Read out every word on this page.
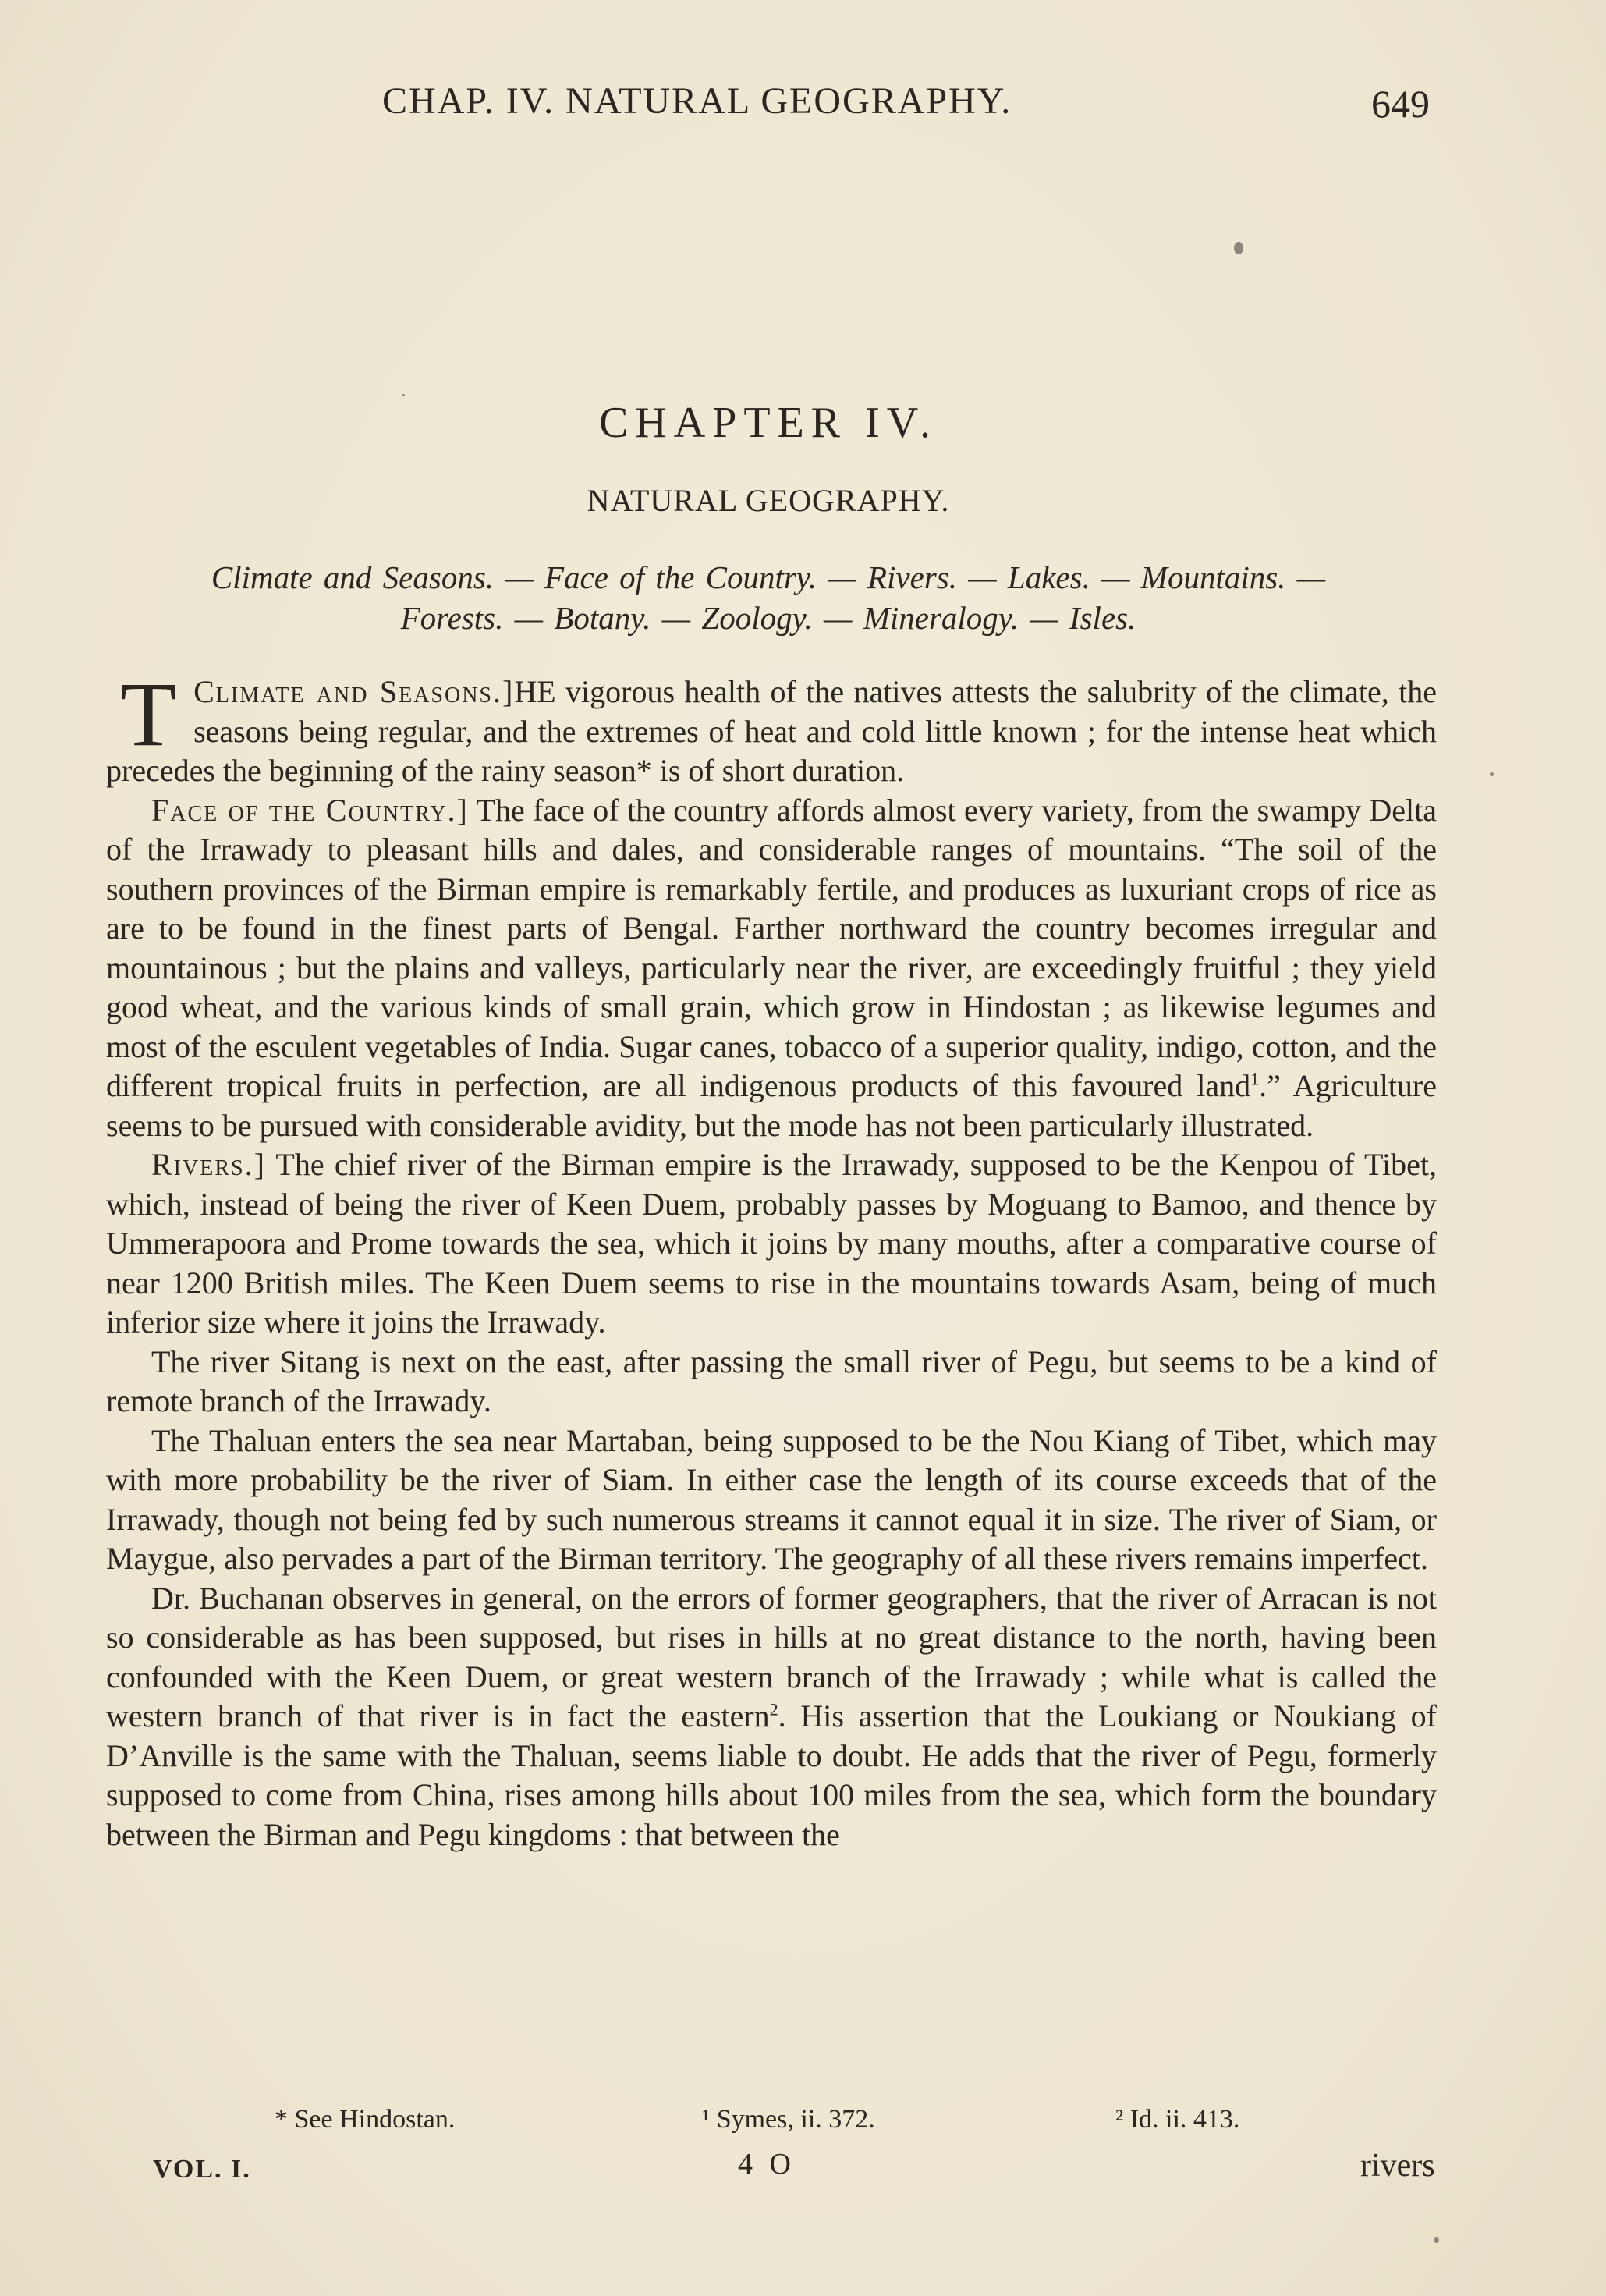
CHAP. IV. NATURAL GEOGRAPHY.	649
CHAPTER IV.
NATURAL GEOGRAPHY.
Climate and Seasons. — Face of the Country. — Rivers. — Lakes. — Mountains. —
Forests. — Botany. — Zoology. — Mineralogy. — Isles.

Climate and Seasons.]
T	HE vigorous health of the natives attests the salubrity of the climate, the seasons being regular, and the extremes of heat and cold little known ; for the intense heat which precedes the beginning of the rainy season* is of short duration.

Face of the Country.] The face of the country affords almost every variety, from the swampy Delta of the Irrawady to pleasant hills and dales, and considerable ranges of mountains. “The soil of the southern provinces of the Birman empire is remarkably fertile, and produces as luxuriant crops of rice as are to be found in the finest parts of Bengal. Farther northward the country becomes irregular and mountainous ; but the plains and valleys, particularly near the river, are exceedingly fruitful ; they yield good wheat, and the various kinds of small grain, which grow in Hindostan ; as likewise legumes and most of the esculent vegetables of India. Sugar canes, tobacco of a superior quality, indigo, cotton, and the different tropical fruits in perfection, are all indigenous products of this favoured land$^1$.” Agriculture seems to be pursued with considerable avidity, but the mode has not been particularly illustrated.

Rivers.] The chief river of the Birman empire is the Irrawady, supposed to be the Kenpou of Tibet, which, instead of being the river of Keen Duem, probably passes by Moguang to Bamoo, and thence by Ummerapoora and Prome towards the sea, which it joins by many mouths, after a comparative course of near 1200 British miles. The Keen Duem seems to rise in the mountains towards Asam, being of much inferior size where it joins the Irrawady.

The river Sitang is next on the east, after passing the small river of Pegu, but seems to be a kind of remote branch of the Irrawady.

The Thaluan enters the sea near Martaban, being supposed to be the Nou Kiang of Tibet, which may with more probability be the river of Siam. In either case the length of its course exceeds that of the Irrawady, though not being fed by such numerous streams it cannot equal it in size. The river of Siam, or Maygue, also pervades a part of the Birman territory. The geography of all these rivers remains imperfect.

Dr. Buchanan observes in general, on the errors of former geographers, that the river of Arracan is not so considerable as has been supposed, but rises in hills at no great distance to the north, having been confounded with the Keen Duem, or great western branch of the Irrawady ; while what is called the western branch of that river is in fact the eastern$^2$. His assertion that the Loukiang or Noukiang of D’Anville is the same with the Thaluan, seems liable to doubt. He adds that the river of Pegu, formerly supposed to come from China, rises among hills about 100 miles from the sea, which form the boundary between the Birman and Pegu kingdoms : that between the

* See Hindostan.	¹ Symes, ii. 372.	² Id. ii. 413.
VOL. I.	4 O	rivers
